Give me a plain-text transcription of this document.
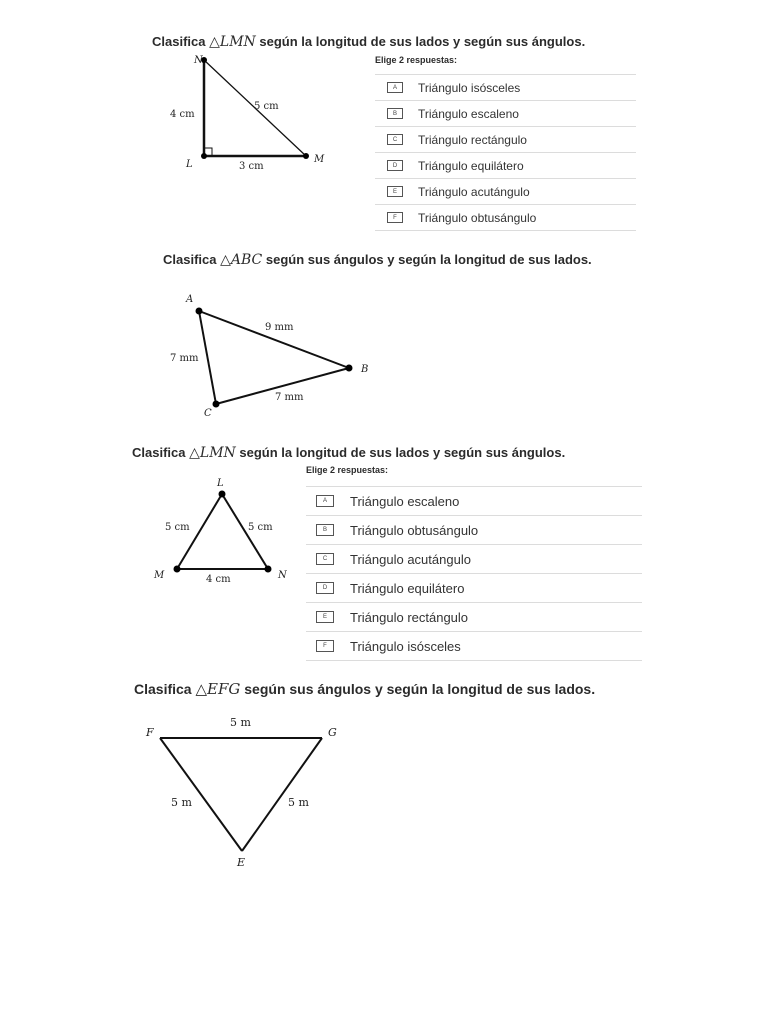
Clasifica △LMN según la longitud de sus lados y según sus ángulos.
N
L	M
4 cm
5 cm
3 cm
Elige 2 respuestas:
A	Triángulo isósceles
B	Triángulo escaleno
C	Triángulo rectángulo
D	Triángulo equilátero
E	Triángulo acutángulo
F	Triángulo obtusángulo
Clasifica △ABC según sus ángulos y según la longitud de sus lados.
A
B
C
9 mm
7 mm
7 mm
Clasifica △LMN según la longitud de sus lados y según sus ángulos.
L
M	N
5 cm	5 cm
4 cm
Elige 2 respuestas:
A	Triángulo escaleno
B	Triángulo obtusángulo
C	Triángulo acutángulo
D	Triángulo equilátero
E	Triángulo rectángulo
F	Triángulo isósceles
Clasifica △EFG según sus ángulos y según la longitud de sus lados.
F	G
E
5 m
5 m	5 m
